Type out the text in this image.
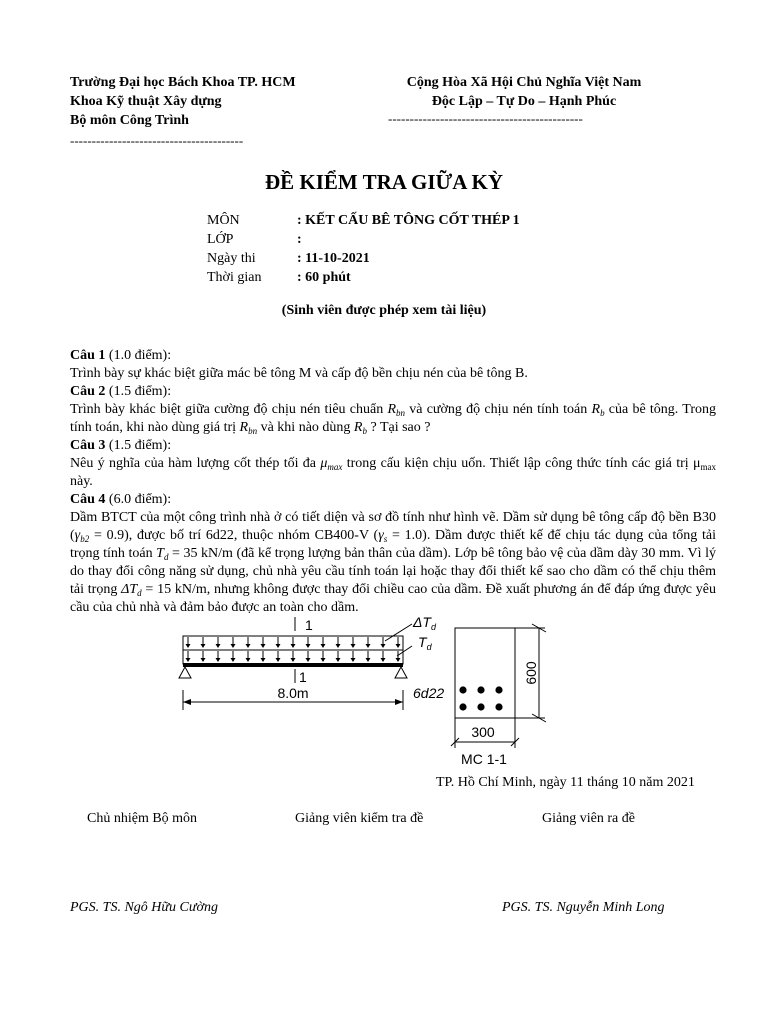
Trường Đại học Bách Khoa TP. HCM
Khoa Kỹ thuật Xây dựng
Bộ môn Công Trình
----------------------------------------
Cộng Hòa Xã Hội Chủ Nghĩa Việt Nam
Độc Lập – Tự Do – Hạnh Phúc
---------------------------------------------
ĐỀ KIỂM TRA GIỮA KỲ
MÔN	: KẾT CẤU BÊ TÔNG CỐT THÉP 1
LỚP	:
Ngày thi	: 11-10-2021
Thời gian	: 60 phút
(Sinh viên được phép xem tài liệu)

Câu 1 (1.0 điểm):

Trình bày sự khác biệt giữa mác bê tông M và cấp độ bền chịu nén của bê tông B.

Câu 2 (1.5 điểm):

Trình bày khác biệt giữa cường độ chịu nén tiêu chuẩn $R_{bn}$ và cường độ chịu nén tính toán $R_b$ của bê tông. Trong tính toán, khi nào dùng giá trị $R_{bn}$ và khi nào dùng $R_b$ ? Tại sao ?

Câu 3 (1.5 điểm):

Nêu ý nghĩa của hàm lượng cốt thép tối đa $\mu_{max}$ trong cấu kiện chịu uốn. Thiết lập công thức tính các giá trị $\mu_{max}$ này.

Câu 4 (6.0 điểm):

Dầm BTCT của một công trình nhà ở có tiết diện và sơ đồ tính như hình vẽ. Dầm sử dụng bê tông cấp độ bền B30 $(\gamma_{b2} = 0.9)$, được bố trí 6d22, thuộc nhóm CB400-V $(\gamma_s = 1.0)$. Dầm được thiết kế để chịu tác dụng của tổng tải trọng tính toán $T_d = 35$ kN/m (đã kể trọng lượng bản thân của dầm). Lớp bê tông bảo vệ của dầm dày 30 mm. Vì lý do thay đổi công năng sử dụng, chủ nhà yêu cầu tính toán lại hoặc thay đổi thiết kế sao cho dầm có thể chịu thêm tải trọng $\Delta T_d = 15$ kN/m, nhưng không được thay đổi chiều cao của dầm. Đề xuất phương án để đáp ứng được yêu cầu của chủ nhà và đảm bảo được an toàn cho dầm.

1
1
$\Delta T_d$
$T_d$
8.0m	6d22
600
300
MC 1-1
TP. Hồ Chí Minh, ngày 11 tháng 10 năm 2021
Chủ nhiệm Bộ môn	Giảng viên kiểm tra đề	Giảng viên ra đề
PGS. TS. Ngô Hữu Cường	PGS. TS. Nguyễn Minh Long
